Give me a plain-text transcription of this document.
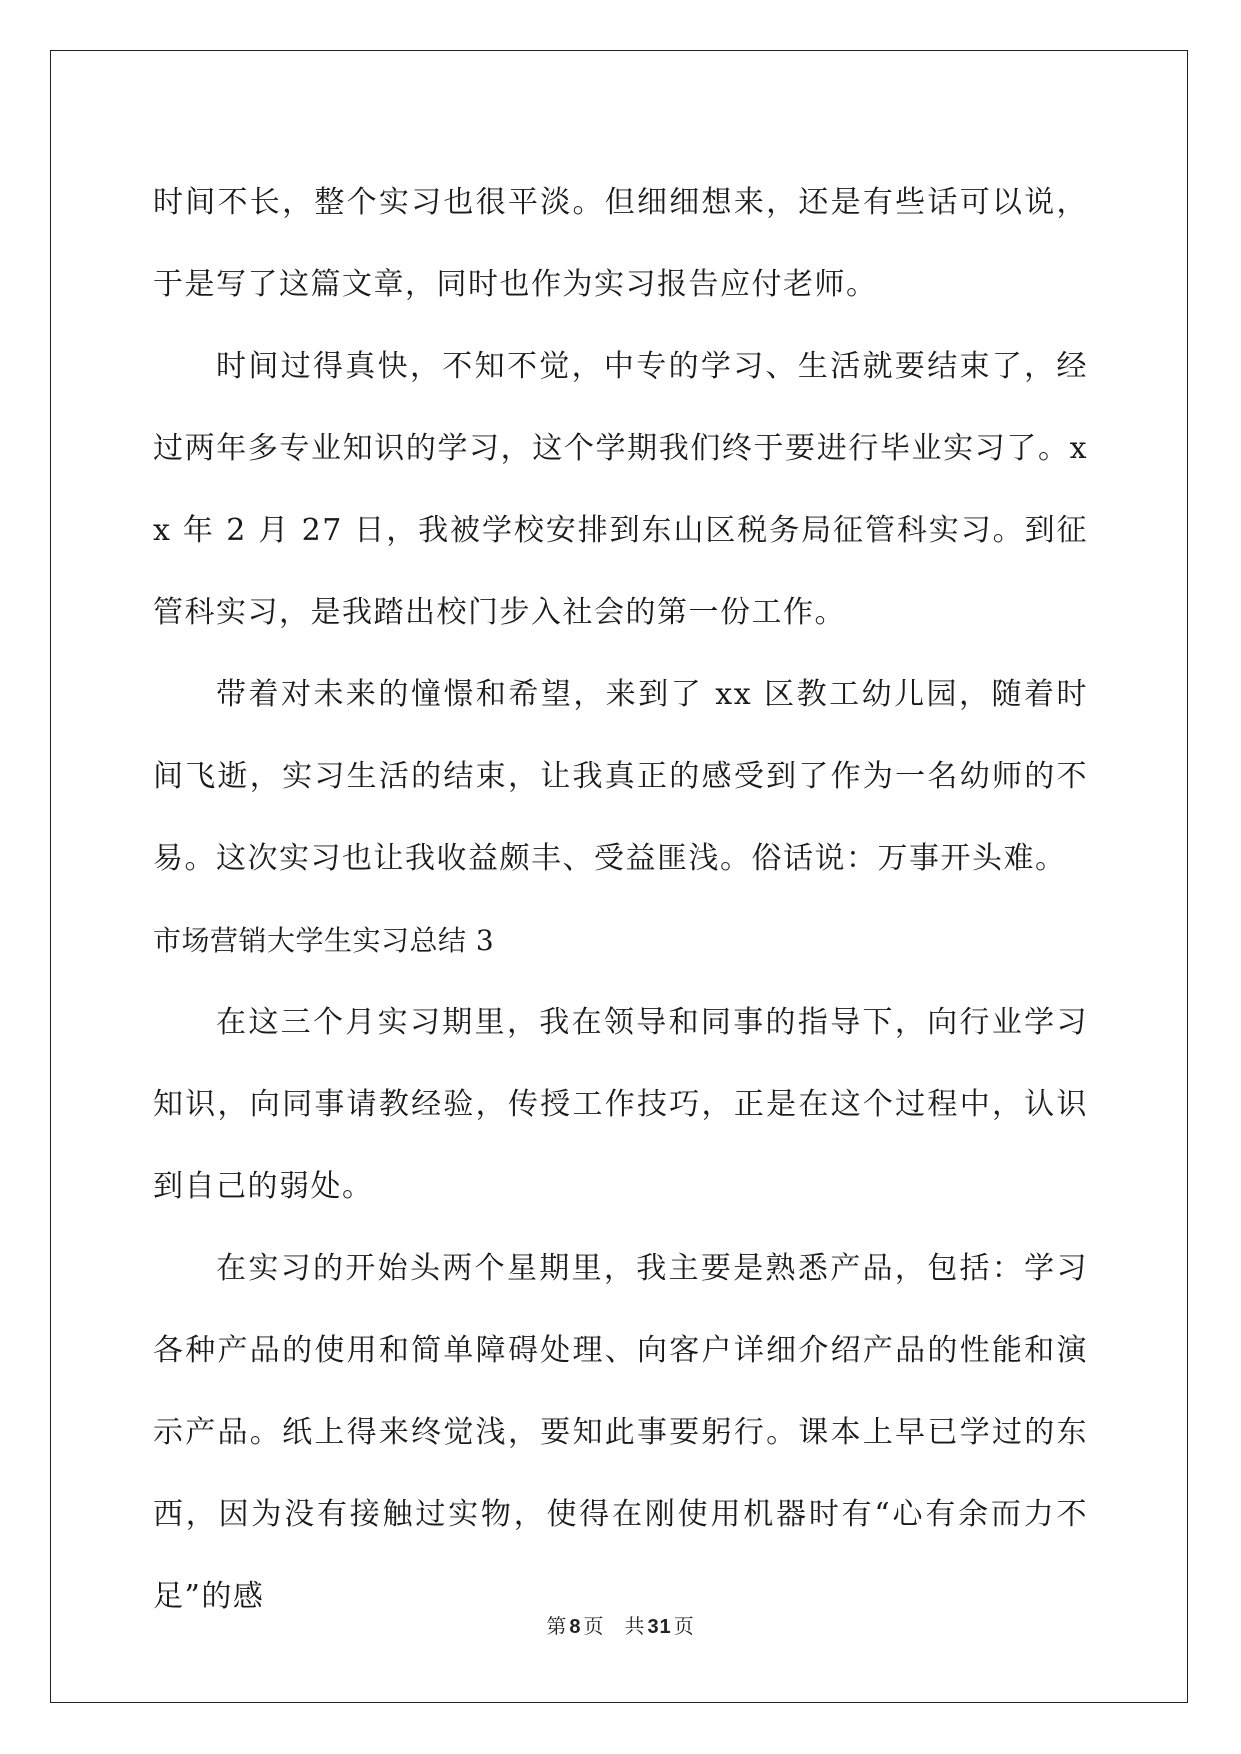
时间不长，整个实习也很平淡。但细细想来，还是有些话可以说，于是写了这篇文章，同时也作为实习报告应付老师。

时间过得真快，不知不觉，中专的学习、生活就要结束了，经过两年多专业知识的学习，这个学期我们终于要进行毕业实习了。xx 年 2 月 27 日，我被学校安排到东山区税务局征管科实习。到征管科实习，是我踏出校门步入社会的第一份工作。

带着对未来的憧憬和希望，来到了 xx 区教工幼儿园，随着时间飞逝，实习生活的结束，让我真正的感受到了作为一名幼师的不易。这次实习也让我收益颇丰、受益匪浅。俗话说：万事开头难。

市场营销大学生实习总结 3

在这三个月实习期里，我在领导和同事的指导下，向行业学习知识，向同事请教经验，传授工作技巧，正是在这个过程中，认识到自己的弱处。

在实习的开始头两个星期里，我主要是熟悉产品，包括：学习各种产品的使用和简单障碍处理、向客户详细介绍产品的性能和演示产品。纸上得来终觉浅，要知此事要躬行。课本上早已学过的东西，因为没有接触过实物，使得在刚使用机器时有“心有余而力不足”的感

第 8 页 共 31 页
